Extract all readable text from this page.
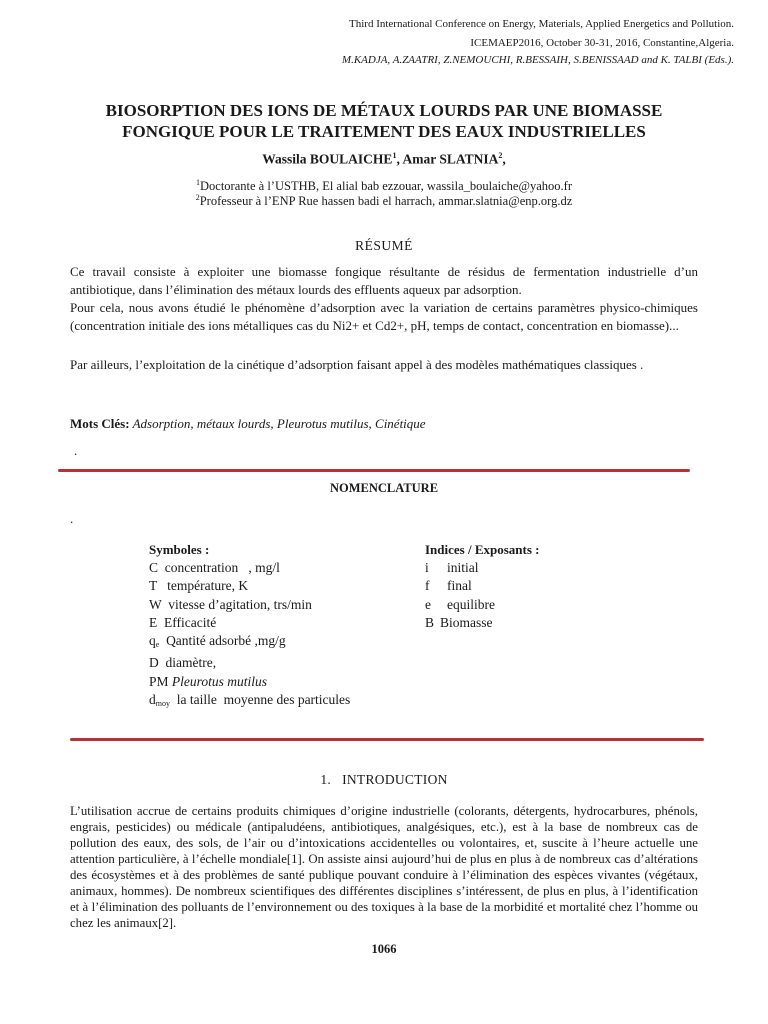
Third International Conference on Energy, Materials, Applied Energetics and Pollution.
ICEMAEP2016, October 30-31, 2016, Constantine,Algeria.
M.KADJA, A.ZAATRI, Z.NEMOUCHI, R.BESSAIH, S.BENISSAAD and K. TALBI (Eds.).
BIOSORPTION DES IONS DE MÉTAUX LOURDS PAR UNE BIOMASSE
FONGIQUE POUR LE TRAITEMENT DES EAUX INDUSTRIELLES
Wassila BOULAICHE$^1$, Amar SLATNIA$^2$,
$^1$Doctorante à l’USTHB, El alial bab ezzouar, wassila_boulaiche@yahoo.fr
$^2$Professeur à l’ENP Rue hassen badi el harrach, ammar.slatnia@enp.org.dz
RÉSUMÉ
Ce travail consiste à exploiter une biomasse fongique résultante de résidus de fermentation industrielle d’un antibiotique, dans l’élimination des métaux lourds des effluents aqueux par adsorption.
Pour cela, nous avons étudié le phénomène d’adsorption avec la variation de certains paramètres physico-chimiques (concentration initiale des ions métalliques cas du Ni2+ et Cd2+, pH, temps de contact, concentration en biomasse)...
Par ailleurs, l’exploitation de la cinétique d’adsorption faisant appel à des modèles mathématiques classiques .
Mots Clés: Adsorption, métaux lourds, Pleurotus mutilus, Cinétique
.
NOMENCLATURE
.
Symboles :
C  concentration   , mg/l
T   température, K
W  vitesse d’agitation, trs/min
E  Efficacité
$q_e$  Qantité adsorbé ,mg/g
D  diamètre,
PM Pleurotus mutilus
$d_{moy}$  la taille  moyenne des particules
Indices / Exposants :
i initial
f final
e equilibre
B Biomasse
1.   INTRODUCTION
L’utilisation accrue de certains produits chimiques d’origine industrielle (colorants, détergents, hydrocarbures, phénols, engrais, pesticides) ou médicale (antipaludéens, antibiotiques, analgésiques, etc.), est à la base de nombreux cas de pollution des eaux, des sols, de l’air ou d’intoxications accidentelles ou volontaires, et, suscite à l’heure actuelle une attention particulière, à l’échelle mondiale[1]. On assiste ainsi aujourd’hui de plus en plus à de nombreux cas d’altérations des écosystèmes et à des problèmes de santé publique pouvant conduire à l’élimination des espèces vivantes (végétaux, animaux, hommes). De nombreux scientifiques des différentes disciplines s’intéressent, de plus en plus, à l’identification et à l’élimination des polluants de l’environnement ou des toxiques à la base de la morbidité et mortalité chez l’homme ou chez les animaux[2].
1066
